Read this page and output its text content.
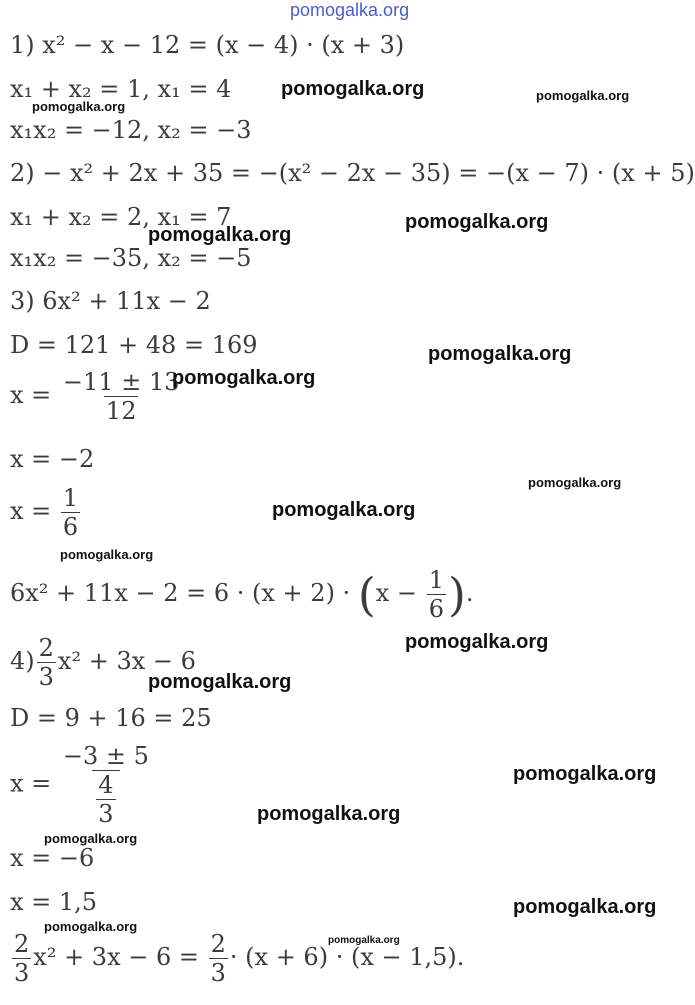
pomogalka.org
1) x² − x − 12 = (x − 4) · (x + 3)
x₁ + x₂ = 1, x₁ = 4
x₁x₂ = −12, x₂ = −3
2) − x² + 2x + 35 = −(x² − 2x − 35) = −(x − 7) · (x + 5)
x₁ + x₂ = 2, x₁ = 7
x₁x₂ = −35, x₂ = −5
3) 6x² + 11x − 2
D = 121 + 48 = 169
$x = \frac{-11 \pm 13}{12}$
x = −2
$x = \frac{1}{6}$
$6x^2 + 11x - 2 = 6 \cdot (x + 2) \cdot (x - \frac{1}{6}$ ).
$4) \frac{2}{3} x^2 + 3x - 6$
D = 9 + 16 = 25
$x = \frac{-3 \pm 5}{\frac{4}{3}}$
x = −6
x = 1,5
$\frac{2}{3} x^2 + 3x - 6 = \frac{2}{3} \cdot (x + 6) \cdot (x - 1,5)$.
pomogalka.org
pomogalka.org
pomogalka.org
pomogalka.org
pomogalka.org
pomogalka.org
pomogalka.org
pomogalka.org
pomogalka.org
pomogalka.org
pomogalka.org
pomogalka.org
pomogalka.org
pomogalka.org
pomogalka.org
pomogalka.org
pomogalka.org
pomogalka.org
